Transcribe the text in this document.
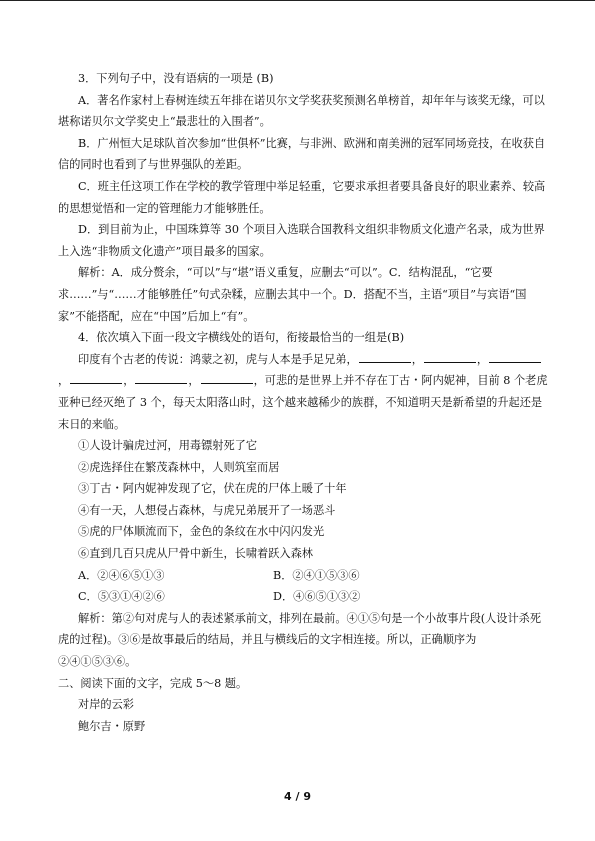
3．下列句子中，没有语病的一项是 (B)

A．著名作家村上春树连续五年排在诺贝尔文学奖获奖预测名单榜首，却年年与该奖无缘，可以堪称诺贝尔文学奖史上“最悲壮的入围者”。

B．广州恒大足球队首次参加“世俱杯”比赛，与非洲、欧洲和南美洲的冠军同场竞技，在收获自信的同时也看到了与世界强队的差距。

C．班主任这项工作在学校的教学管理中举足轻重，它要求承担者要具备良好的职业素养、较高的思想觉悟和一定的管理能力才能够胜任。

D．到目前为止，中国珠算等 30 个项目入选联合国教科文组织非物质文化遗产名录，成为世界上入选“非物质文化遗产”项目最多的国家。

解析：A．成分赘余，“可以”与“堪”语义重复，应删去“可以”。C．结构混乱，“它要求……”与“……才能够胜任”句式杂糅，应删去其中一个。D．搭配不当，主语“项目”与宾语“国家”不能搭配，应在“中国”后加上“有”。

4．依次填入下面一段文字横线处的语句，衔接最恰当的一组是(B)

印度有个古老的传说：鸿蒙之初，虎与人本是手足兄弟，	，	，，	，	，	，可悲的是世界上并不存在丁古・阿内妮神，目前 8 个老虎亚种已经灭绝了 3 个，每天太阳落山时，这个越来越稀少的族群，不知道明天是新希望的升起还是末日的来临。

①人设计骗虎过河，用毒镖射死了它

②虎选择住在繁茂森林中，人则筑室而居

③丁古・阿内妮神发现了它，伏在虎的尸体上暖了十年

④有一天，人想侵占森林，与虎兄弟展开了一场恶斗

⑤虎的尸体顺流而下，金色的条纹在水中闪闪发光

⑥直到几百只虎从尸骨中新生，长啸着跃入森林

A．②④⑥⑤①③	B．②④①⑤③⑥
C．⑤③①④②⑥	D．④⑥⑤①③②

解析：第②句对虎与人的表述紧承前文，排列在最前。④①⑤句是一个小故事片段(人设计杀死虎的过程)。③⑥是故事最后的结局，并且与横线后的文字相连接。所以，正确顺序为②④①⑤③⑥。

二、阅读下面的文字，完成 5～8 题。

对岸的云彩

鲍尔吉・原野

4 / 9
